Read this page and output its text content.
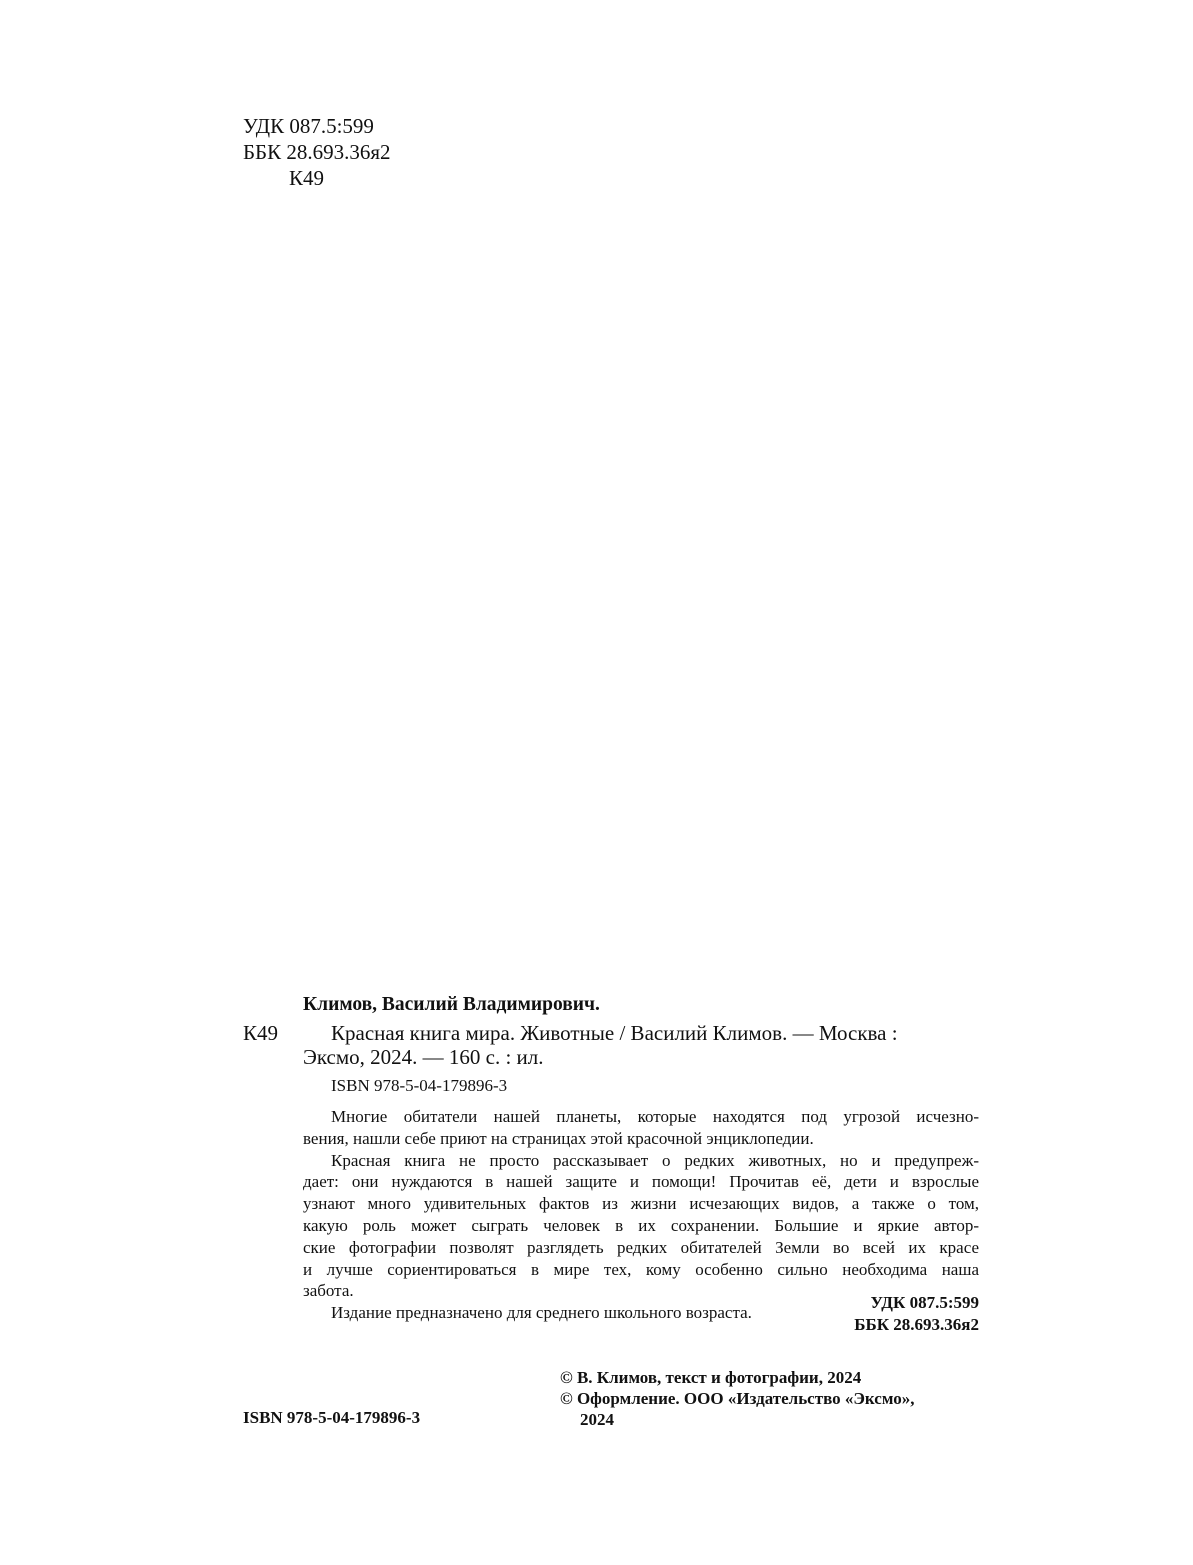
УДК 087.5:599
ББК 28.693.36я2
К49
Климов, Василий Владимирович.
К49	Красная книга мира. Животные / Василий Климов. — Москва :
Эксмо, 2024. — 160 с. : ил.
ISBN 978-5-04-179896-3

Многие обитатели нашей планеты, которые находятся под угрозой исчезно-
вения, нашли себе приют на страницах этой красочной энциклопедии.

Красная книга не просто рассказывает о редких животных, но и предупреж-
дает: они нуждаются в нашей защите и помощи! Прочитав её, дети и взрослые
узнают много удивительных фактов из жизни исчезающих видов, а также о том,
какую роль может сыграть человек в их сохранении. Большие и яркие автор-
ские фотографии позволят разглядеть редких обитателей Земли во всей их красе
и лучше сориентироваться в мире тех, кому особенно сильно необходима наша
забота.

Издание предназначено для среднего школьного возраста.

УДК 087.5:599
ББК 28.693.36я2
ISBN 978-5-04-179896-3
© В. Климов, текст и фотографии, 2024
© Оформление. ООО «Издательство «Эксмо»,
2024
